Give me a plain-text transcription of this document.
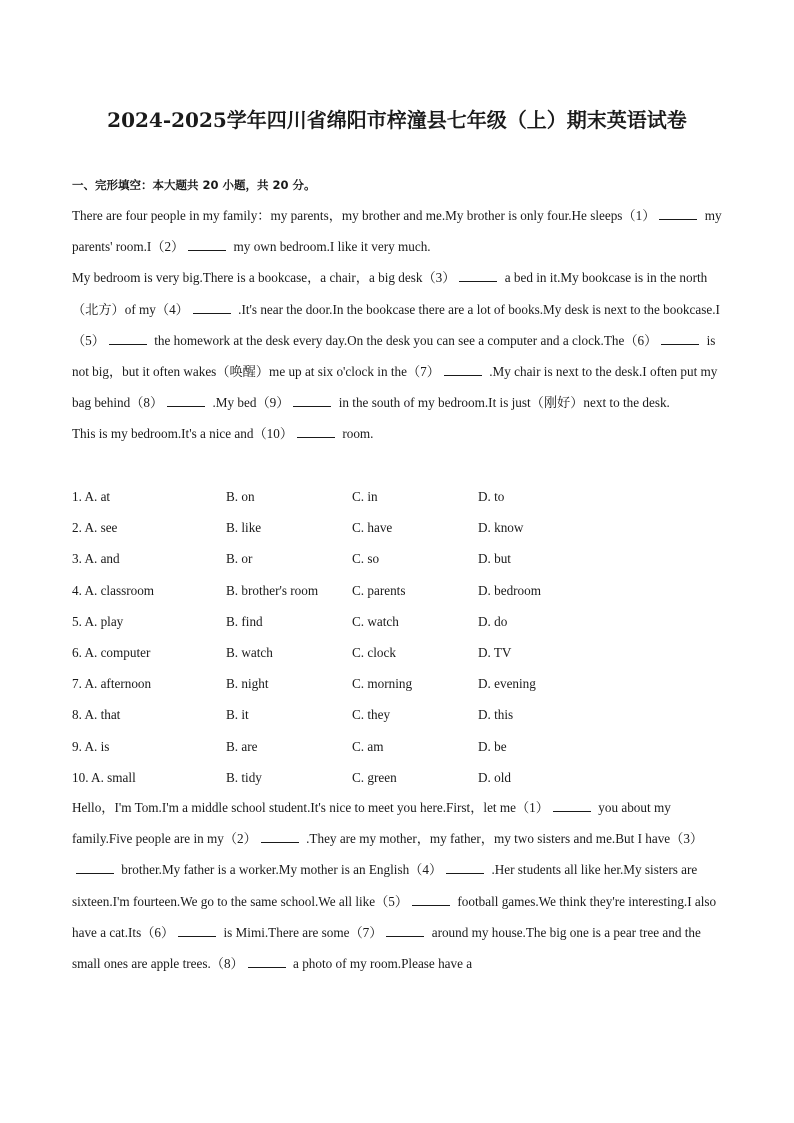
2024-2025学年四川省绵阳市梓潼县七年级（上）期末英语试卷
一、完形填空：本大题共 20 小题，共 20 分。

There are four people in my family：my parents，my brother and me.My brother is only four.He sleeps（1）	my parents' room.I（2）	my own bedroom.I like it very much.

My bedroom is very big.There is a bookcase，a chair，a big desk（3）	a bed in it.My bookcase is in the north（北方）of my（4）	.It's near the door.In the bookcase there are a lot of books.My desk is next to the bookcase.I（5）	the homework at the desk every day.On the desk you can see a computer and a clock.The（6）	is not big，but it often wakes（唤醒）me up at six o'clock in the（7）	.My chair is next to the desk.I often put my bag behind（8）	.My bed（9）	in the south of my bedroom.It is just（刚好）next to the desk.

This is my bedroom.It's a nice and（10）	room.

1. A. at	B. on	C. in	D. to
2. A. see	B. like	C. have	D. know
3. A. and	B. or	C. so	D. but
4. A. classroom	B. brother's room	C. parents	D. bedroom
5. A. play	B. find	C. watch	D. do
6. A. computer	B. watch	C. clock	D. TV
7. A. afternoon	B. night	C. morning	D. evening
8. A. that	B. it	C. they	D. this
9. A. is	B. are	C. am	D. be
10. A. small	B. tidy	C. green	D. old

Hello，I'm Tom.I'm a middle school student.It's nice to meet you here.First，let me（1）	you about my family.Five people are in my（2）	.They are my mother，my father，my two sisters and me.But I have（3） brother.My father is a worker.My mother is an English（4）	.Her students all like her.My sisters are sixteen.I'm fourteen.We go to the same school.We all like（5）	football games.We think they're interesting.I also have a cat.Its（6）	is Mimi.There are some（7）	around my house.The big one is a pear tree and the small ones are apple trees.（8）	a photo of my room.Please have a
